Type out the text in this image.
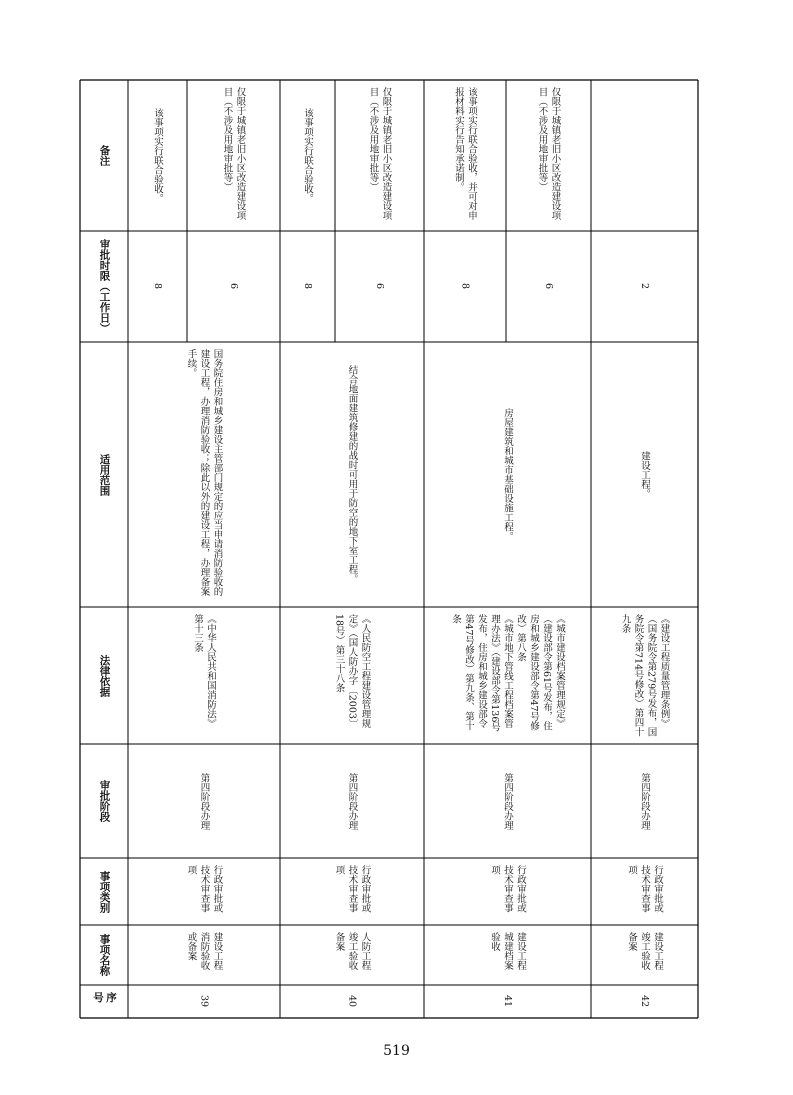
备注
审批时限（工作日）
适用范围
法律依据
审批阶段
事项类别
事项名称
序号
国务院住房和城乡建设主管部门规定的应当申请消防验收的建设工程，办理消防验收；除此以外的建设工程，办理备案手续。
《中华人民共和国消防法》第十三条
第四阶段办理
行政审批或技术审查事项
建设工程消防验收或备案
39
8
该事项实行联合验收。
6
仅限于城镇老旧小区改造建设项目（不涉及用地审批等）
结合地面建筑修建的战时可用于防空的地下室工程。
《人民防空工程建设管理规定》（国人防办字〔2003〕18号）第三十八条
第四阶段办理
行政审批或技术审查事项
人防工程竣工验收备案
40
8
该事项实行联合验收。
6
仅限于城镇老旧小区改造建设项目（不涉及用地审批等）
房屋建筑和城市基础设施工程。
《城市建设档案管理规定》（建设部令第61号发布，住房和城乡建设部令第47号修改）第八条
《城市地下管线工程档案管理办法》（建设部令第136号发布，住房和城乡建设部令第47号修改）第九条、第十条
第四阶段办理
行政审批或技术审查事项
建设工程城建档案验收
41
8
该事项实行联合验收，并可对申报材料实行告知承诺制。
6
仅限于城镇老旧小区改造建设项目（不涉及用地审批等）
建设工程。
《建设工程质量管理条例》（国务院令第279号发布，国务院令第714号修改）第四十九条
第四阶段办理
行政审批或技术审查事项
建设工程竣工验收备案
42
2
519
